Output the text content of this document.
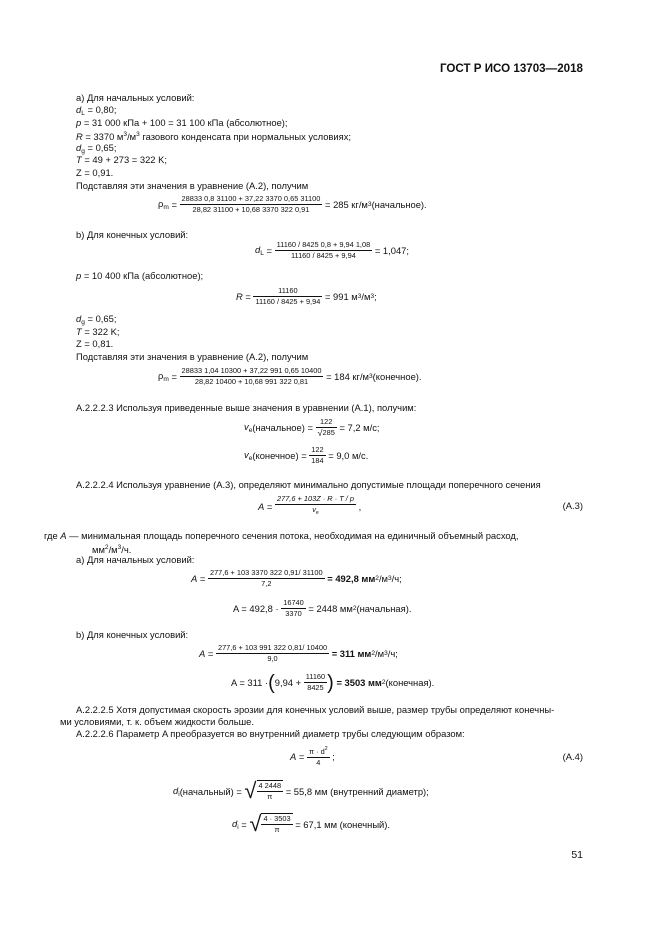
ГОСТ Р ИСО 13703—2018
a) Для начальных условий:
$d_L = 0,80$;
p = 31 000 кПа + 100 = 31 100 кПа (абсолютное);
R = 3370 $м^3/м^3$ газового конденсата при нормальных условиях;
$d_g = 0,65$;
T = 49 + 273 = 322 K;
Z = 0,91.
Подставляя эти значения в уравнение (А.2), получим
$\rho_m$
=
$\frac{28833 0,8 31100 + 37,22 3370 0,65 31100}{28,82 31100 + 10,68 3370 322 0,91}$
= 285 кг/м 3 (начальное).
b) Для конечных условий:
$d_L = \frac{11160 / 8425 0,8 + 9,94 1,08}{11160 / 8425 + 9,94}$
= 1,047;
p = 10 400 кПа (абсолютное);
$R = \frac{11160}{11160 / 8425 + 9,94}$
= 991 м 3 /м 3 ;
$d_g = 0,65$;
T = 322 K;
Z = 0,81.
Подставляя эти значения в уравнение (А.2), получим
$\rho_m$
=
$\frac{28833 1,04 10300 + 37,22 991 0,65 10400}{28,82 10400 + 10,68 991 322 0,81}$
= 184 кг/м 3 (конечное).
А.2.2.2.3 Используя приведенные выше значения в уравнении (А.1), получим:
$v_e$ (начальное) =
$\frac{122}{√285}$
= 7,2 м/с;
$v_e$ (конечное) =
$\frac{122}{184}$
= 9,0 м/с.
А.2.2.2.4 Используя уравнение (А.3), определяют минимально допустимые площади поперечного сечения
A
=
$\frac{277,6 + 103Z \cdot R \cdot T / p}{v_e}$
,	(А.3)
где A — минимальная площадь поперечного сечения потока, необходимая на единичный объемный расход,
$мм^2/м^3/ч$.
a) Для начальных условий:
$A = \frac{277,6 + 103 3370 322 0,91/ 31100}{7,2}$
= 492,8 мм 2 /м 3 /ч;
A = 492,8 ·
$\frac{16740}{3370}$
= 2448 мм 2 (начальная).
b) Для конечных условий:
$A = \frac{277,6 + 103 991 322 0,81/ 10400}{9,0}$
= 311 мм 2 /м 3 /ч;
A = 311 · ( 9,94 +
$\frac{11160}{8425}$ )
= 3503 мм 2 (конечная).
А.2.2.2.5 Хотя допустимая скорость эрозии для конечных условий выше, размер трубы определяют конечны-
ми условиями, т. к. объем жидкости больше.
А.2.2.2.6 Параметр A преобразуется во внутренний диаметр трубы следующим образом:
A
=
$\frac{\pi \cdot d^2}{4}$
;	(А.4)
$d_i$ (начальный) =
√ $\frac{4 2448}{\pi}$
= 55,8 мм (внутренний диаметр);
$d_i$
=
√ $\frac{4 \cdot 3503}{\pi}$
= 67,1 мм (конечный).
51
